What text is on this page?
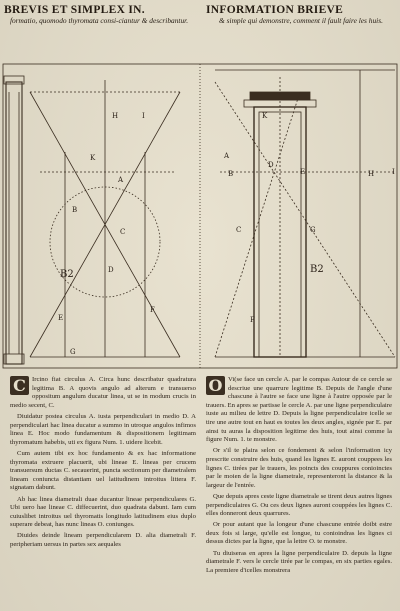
BREVIS ET SIMPLEX IN.
formatio, quomodo thyromata consi-ciantur & describantur.
INFORMATION BRIEVE
& simple qui demonstre, comment il fault faire les huis.
A BC D EF GH	I K	A BCDE FGH	IK
B2	B2

C Ircino fiat circulus A. Circa hunc describatur quadratura legitima B. A quovis angulo ad alterum e transuerso oppositum angulum ducatur linea, ut se in modum crucis in medio secent, C.

Diuidatur postea circulus A. iusta perpendiculari in medio D. A perpendiculari hac linea ducatur a summo in utroque angulos infimos linea E. Hoc modo fundamentum & dispositionem legitimam thyromatum habebis, uti ex figura Num. 1. uidere licebit.

Cum autem tibi ex hoc fundamento & ex hac informatione thyromata extruere placuerit, ubi lineae E. lineas per crucem transuersum ductas C. secauerint, puncta sectionum per diametralem lineam coniuncta distantiam uel latitudinem introitus littera F. signatam dabunt.

Ab hac linea diametrali duae ducantur lineae perpendiculares G. Ubi uero hae lineae C. diffecuerint, duo quadrata dabunt. Iam cum cuiuslibet introitus uel thyromatis longitudo latitudinem eius duplo superare debeat, has nunc lineas O. coniunges.

Diuides deinde lineam perpendicularem D. alia diametrali F. peripheriam uersus in partes sex aequales

O Vi(se face un cercle A. par le compas Autour de ce cercle se descriue une quarrure legitime B. Depuis de l'angle d'une chascune à l'autre se face une ligne à l'autre opposée par le trauers. En apres se partisse le cercle A. par une ligne perpendiculaire iuste au milieu de lettre D. Depuis la ligne perpendiculaire icelle se tire une autre tout en haut es toutes les deux angles, signée par E. par ainsi tu auras la disposition legitime des huis, tout ainsi comme la figure Num. 1. te monstre.

Or s'il te plaira selon ce fondement & selon l'information icy prescrite construire des huis, quand les lignes E. auront couppees les lignes C. tirées par le trauers, les poincts des couppures conioinctes par le moien de la ligne diametrale, representeront la distance & la largeur de l'entrée.

Que depuis apres ceste ligne diametrale se tirent deux autres lignes perpendiculaires G. Ou ces deux lignes auront couppées les lignes C. elles donneront deux quarrures.

Or pour autant que la longeur d'une chascune entrée doibt estre deux fois si large, qu'elle est longue, tu conioindras les lignes ci dessus dictes par la ligne, que la lettre O. te monstre.

Tu diuiseras en apres la ligne perpendiculaire D. depuis la ligne diametrale F. vers le cercle tirée par le compas, en six parties egales. La premiere d'icelles monstrera
